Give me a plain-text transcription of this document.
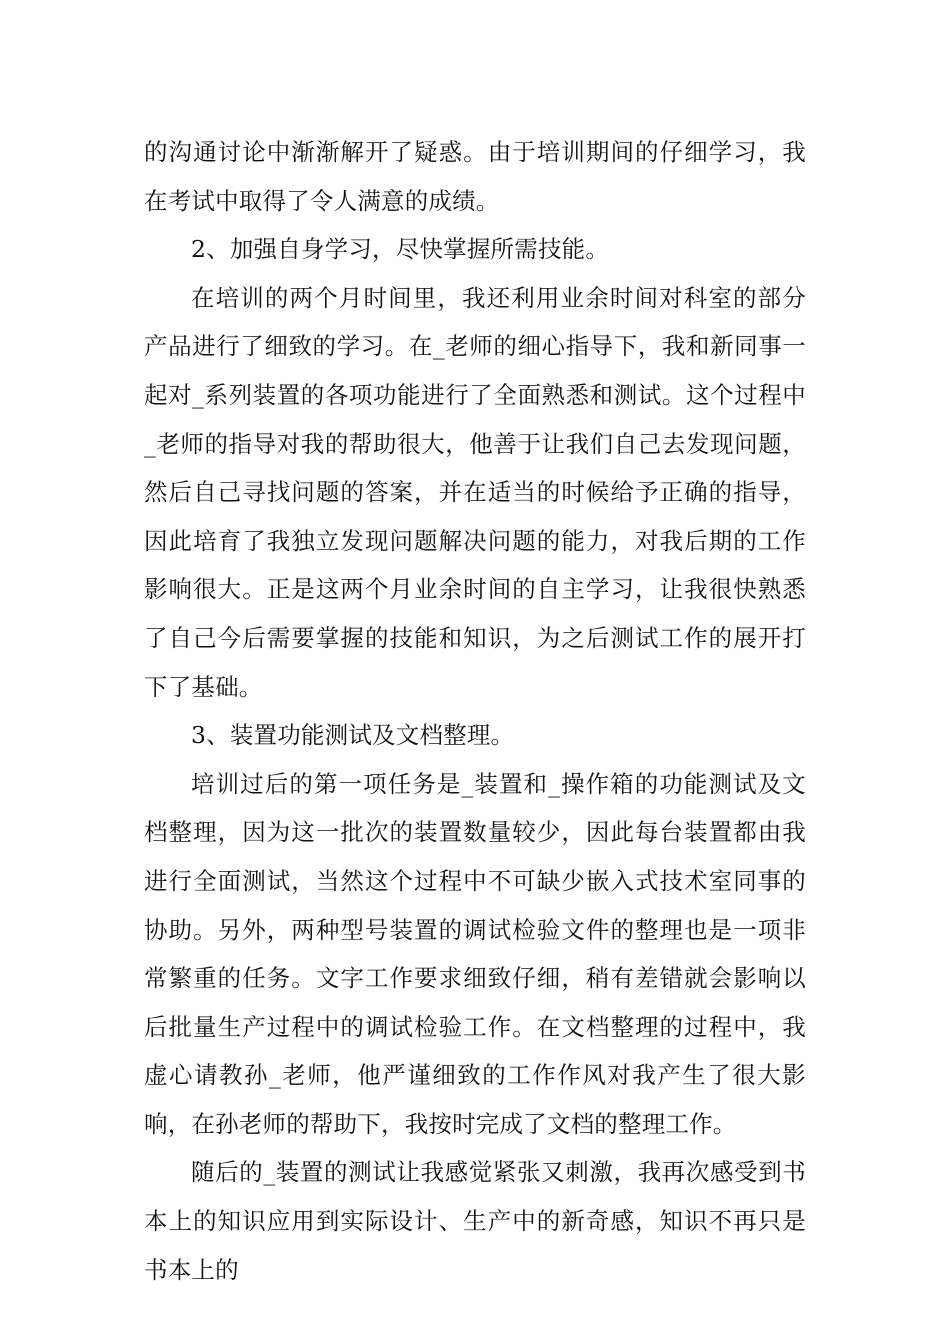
的沟通讨论中渐渐解开了疑惑。由于培训期间的仔细学习，我在考试中取得了令人满意的成绩。

2、加强自身学习，尽快掌握所需技能。

在培训的两个月时间里，我还利用业余时间对科室的部分产品进行了细致的学习。在_老师的细心指导下，我和新同事一起对_系列装置的各项功能进行了全面熟悉和测试。这个过程中_老师的指导对我的帮助很大，他善于让我们自己去发现问题，然后自己寻找问题的答案，并在适当的时候给予正确的指导，因此培育了我独立发现问题解决问题的能力，对我后期的工作影响很大。正是这两个月业余时间的自主学习，让我很快熟悉了自己今后需要掌握的技能和知识，为之后测试工作的展开打下了基础。

3、装置功能测试及文档整理。

培训过后的第一项任务是_装置和_操作箱的功能测试及文档整理，因为这一批次的装置数量较少，因此每台装置都由我进行全面测试，当然这个过程中不可缺少嵌入式技术室同事的协助。另外，两种型号装置的调试检验文件的整理也是一项非常繁重的任务。文字工作要求细致仔细，稍有差错就会影响以后批量生产过程中的调试检验工作。在文档整理的过程中，我虚心请教孙_老师，他严谨细致的工作作风对我产生了很大影响，在孙老师的帮助下，我按时完成了文档的整理工作。

随后的_装置的测试让我感觉紧张又刺激，我再次感受到书本上的知识应用到实际设计、生产中的新奇感，知识不再只是书本上的
